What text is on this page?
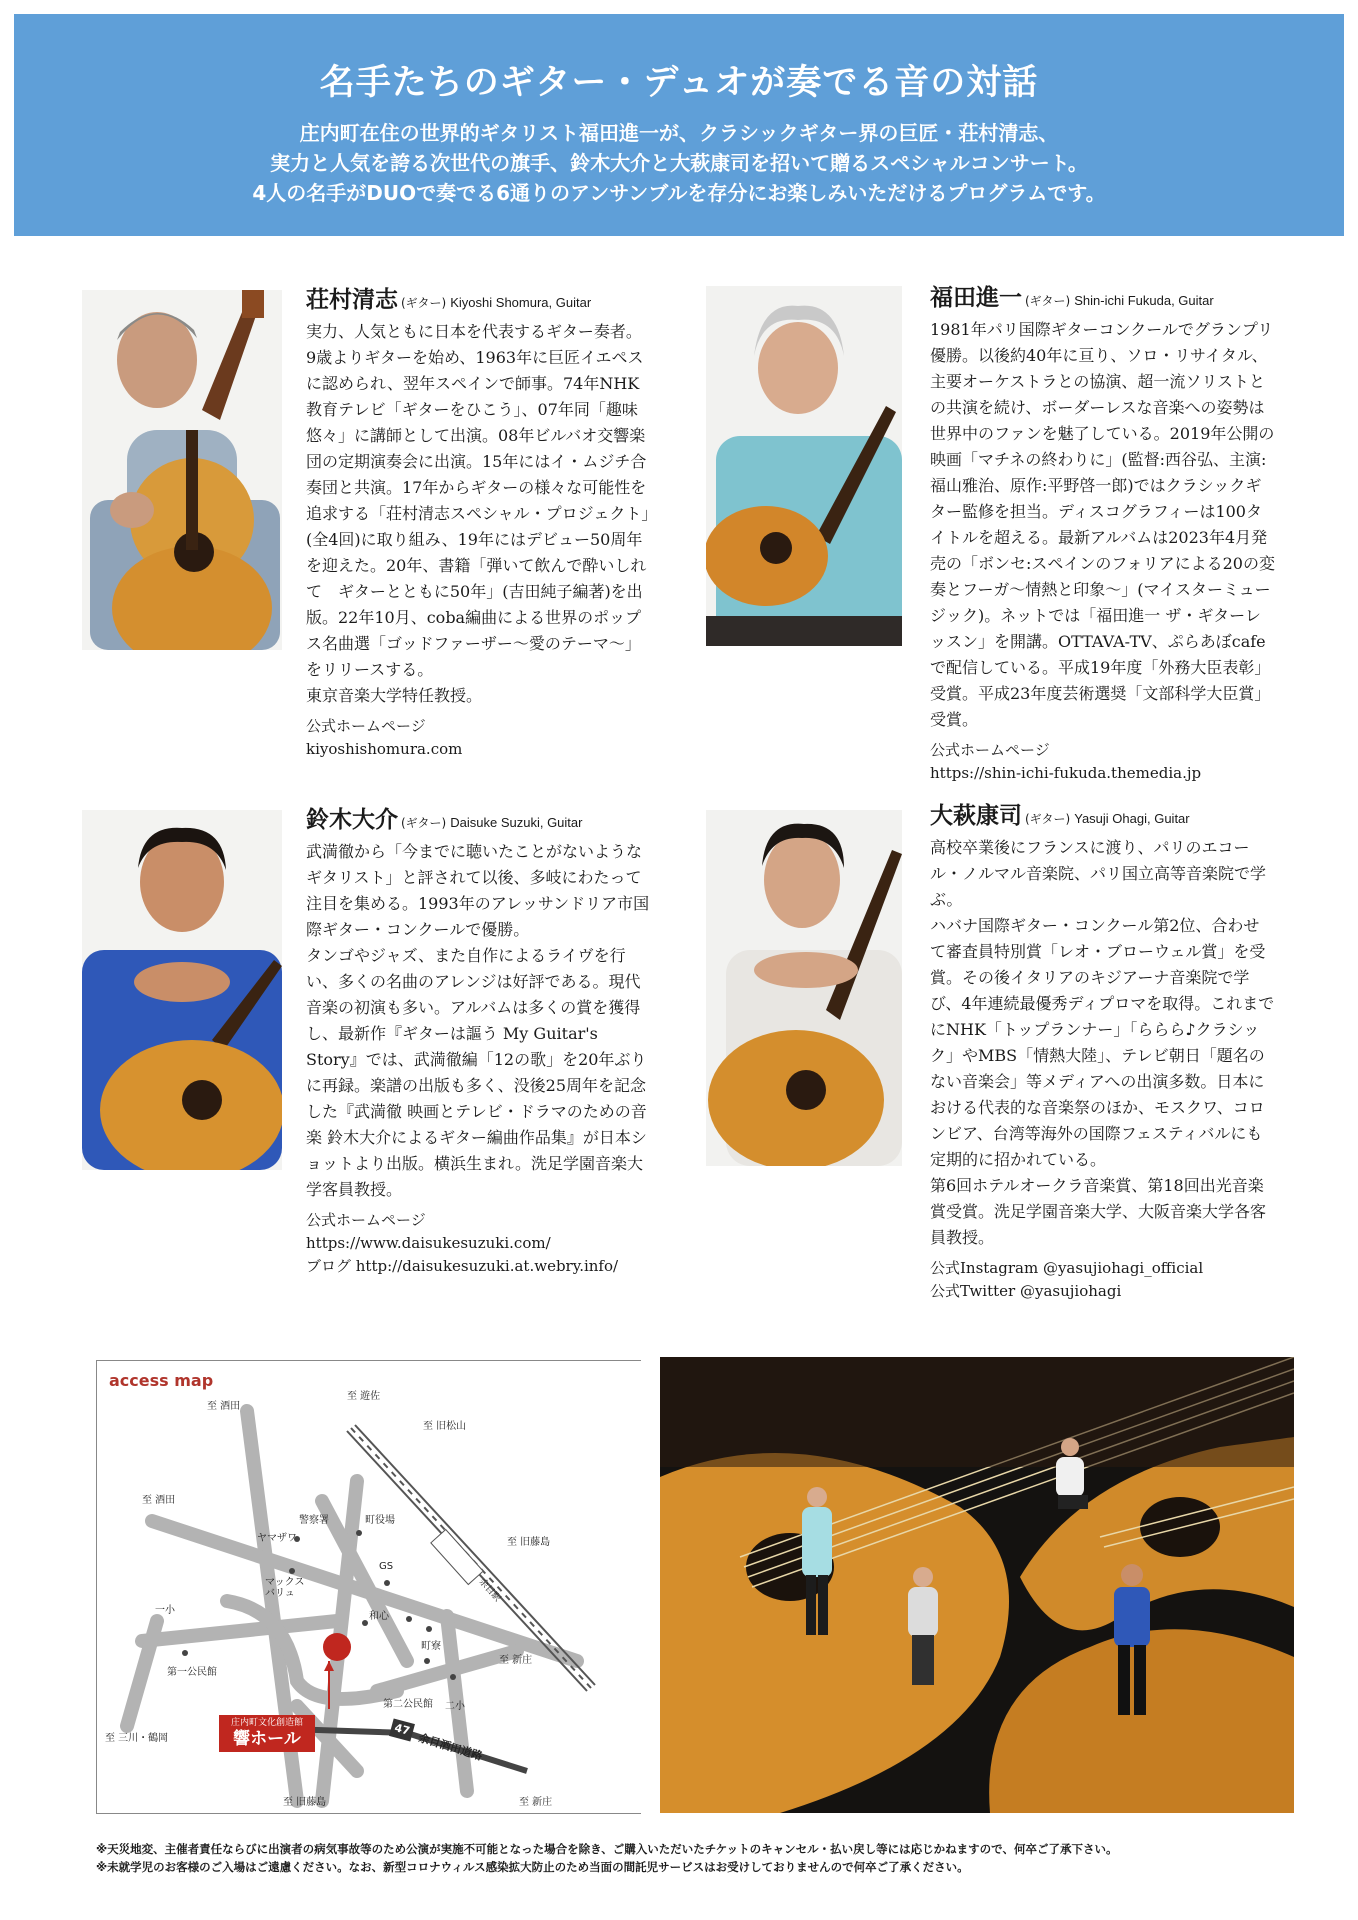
名手たちのギター・デュオが奏でる音の対話
庄内町在住の世界的ギタリスト福田進一が、クラシックギター界の巨匠・荘村清志、
実力と人気を誇る次世代の旗手、鈴木大介と大萩康司を招いて贈るスペシャルコンサート。
4人の名手がDUOで奏でる6通りのアンサンブルを存分にお楽しみいただけるプログラムです。
荘村清志 (ギター) Kiyoshi Shomura, Guitar

実力、人気ともに日本を代表するギター奏者。9歳よりギターを始め、1963年に巨匠イエペスに認められ、翌年スペインで師事。74年NHK教育テレビ「ギターをひこう」、07年同「趣味悠々」に講師として出演。08年ビルバオ交響楽団の定期演奏会に出演。15年にはイ・ムジチ合奏団と共演。17年からギターの様々な可能性を追求する「荘村清志スペシャル・プロジェクト」(全4回)に取り組み、19年にはデビュー50周年を迎えた。20年、書籍「弾いて飲んで酔いしれて　ギターとともに50年」(吉田純子編著)を出版。22年10月、coba編曲による世界のポップス名曲選「ゴッドファーザー〜愛のテーマ〜」をリリースする。

東京音楽大学特任教授。

公式ホームページ
kiyoshishomura.com
福田進一 (ギター) Shin-ichi Fukuda, Guitar

1981年パリ国際ギターコンクールでグランプリ優勝。以後約40年に亘り、ソロ・リサイタル、主要オーケストラとの協演、超一流ソリストとの共演を続け、ボーダーレスな音楽への姿勢は世界中のファンを魅了している。2019年公開の映画「マチネの終わりに」(監督:西谷弘、主演:福山雅治、原作:平野啓一郎)ではクラシックギター監修を担当。ディスコグラフィーは100タイトルを超える。最新アルバムは2023年4月発売の「ボンセ:スペインのフォリアによる20の変奏とフーガ〜情熱と印象〜」(マイスターミュージック)。ネットでは「福田進一 ザ・ギターレッスン」を開講。OTTAVA-TV、ぷらあぼcafeで配信している。平成19年度「外務大臣表彰」受賞。平成23年度芸術選奨「文部科学大臣賞」受賞。

公式ホームページ
https://shin-ichi-fukuda.themedia.jp
鈴木大介 (ギター) Daisuke Suzuki, Guitar

武満徹から「今までに聴いたことがないようなギタリスト」と評されて以後、多岐にわたって注目を集める。1993年のアレッサンドリア市国際ギター・コンクールで優勝。

タンゴやジャズ、また自作によるライヴを行い、多くの名曲のアレンジは好評である。現代音楽の初演も多い。アルバムは多くの賞を獲得し、最新作『ギターは謳う My Guitar's Story』では、武満徹編「12の歌」を20年ぶりに再録。楽譜の出版も多く、没後25周年を記念した『武満徹 映画とテレビ・ドラマのための音楽 鈴木大介によるギター編曲作品集』が日本ショットより出版。横浜生まれ。洗足学園音楽大学客員教授。

公式ホームページ
https://www.daisukesuzuki.com/
ブログ http://daisukesuzuki.at.webry.info/
大萩康司 (ギター) Yasuji Ohagi, Guitar

高校卒業後にフランスに渡り、パリのエコール・ノルマル音楽院、パリ国立高等音楽院で学ぶ。

ハバナ国際ギター・コンクール第2位、合わせて審査員特別賞「レオ・ブローウェル賞」を受賞。その後イタリアのキジアーナ音楽院で学び、4年連続最優秀ディプロマを取得。これまでにNHK「トップランナー」「ららら♪クラシック」やMBS「情熱大陸」、テレビ朝日「題名のない音楽会」等メディアへの出演多数。日本における代表的な音楽祭のほか、モスクワ、コロンビア、台湾等海外の国際フェスティバルにも定期的に招かれている。

第6回ホテルオークラ音楽賞、第18回出光音楽賞受賞。洗足学園音楽大学、大阪音楽大学各客員教授。

公式Instagram @yasujiohagi_official
公式Twitter @yasujiohagi
access map
至 酒田
至 酒田
至 遊佐
至 旧松山
至 旧藤島
至 旧藤島
至 新庄
至 新庄
至 三川・鶴岡
警察署	町役場
ヤマザワ
GS
マックス
バリュ
和心
一小
第一公民館
町寮
第二公民館 二小
余目駅
庄内町文化創造館
響ホール	47
余目酒田道路

※天災地変、主催者責任ならびに出演者の病気事故等のため公演が実施不可能となった場合を除き、ご購入いただいたチケットのキャンセル・払い戻し等には応じかねますので、何卒ご了承下さい。

※未就学児のお客様のご入場はご遠慮ください。なお、新型コロナウィルス感染拡大防止のため当面の間託児サービスはお受けしておりませんので何卒ご了承ください。
